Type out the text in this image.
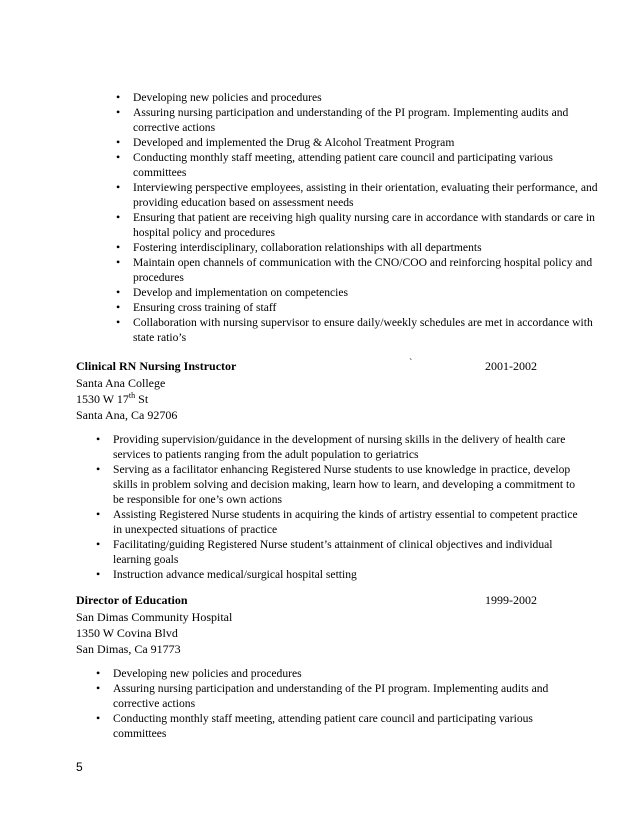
• Developing new policies and procedures
• Assuring nursing participation and understanding of the PI program. Implementing audits and corrective actions
• Developed and implemented the Drug & Alcohol Treatment Program
• Conducting monthly staff meeting, attending patient care council and participating various committees
• Interviewing perspective employees, assisting in their orientation, evaluating their performance, and providing education based on assessment needs
• Ensuring that patient are receiving high quality nursing care in accordance with standards or care in hospital policy and procedures
• Fostering interdisciplinary, collaboration relationships with all departments
• Maintain open channels of communication with the CNO/COO and reinforcing hospital policy and procedures
• Develop and implementation on competencies
• Ensuring cross training of staff
• Collaboration with nursing supervisor to ensure daily/weekly schedules are met in accordance with state ratio’s
Clinical RN Nursing Instructor	`	2001-2002
Santa Ana College
1530 W 17th St
Santa Ana, Ca 92706
• Providing supervision/guidance in the development of nursing skills in the delivery of health care services to patients ranging from the adult population to geriatrics
• Serving as a facilitator enhancing Registered Nurse students to use knowledge in practice, develop skills in problem solving and decision making, learn how to learn, and developing a commitment to be responsible for one’s own actions
• Assisting Registered Nurse students in acquiring the kinds of artistry essential to competent practice in unexpected situations of practice
• Facilitating/guiding Registered Nurse student’s attainment of clinical objectives and individual learning goals
• Instruction advance medical/surgical hospital setting
Director of Education	1999-2002
San Dimas Community Hospital
1350 W Covina Blvd
San Dimas, Ca 91773
• Developing new policies and procedures
• Assuring nursing participation and understanding of the PI program. Implementing audits and corrective actions
• Conducting monthly staff meeting, attending patient care council and participating various committees
5
